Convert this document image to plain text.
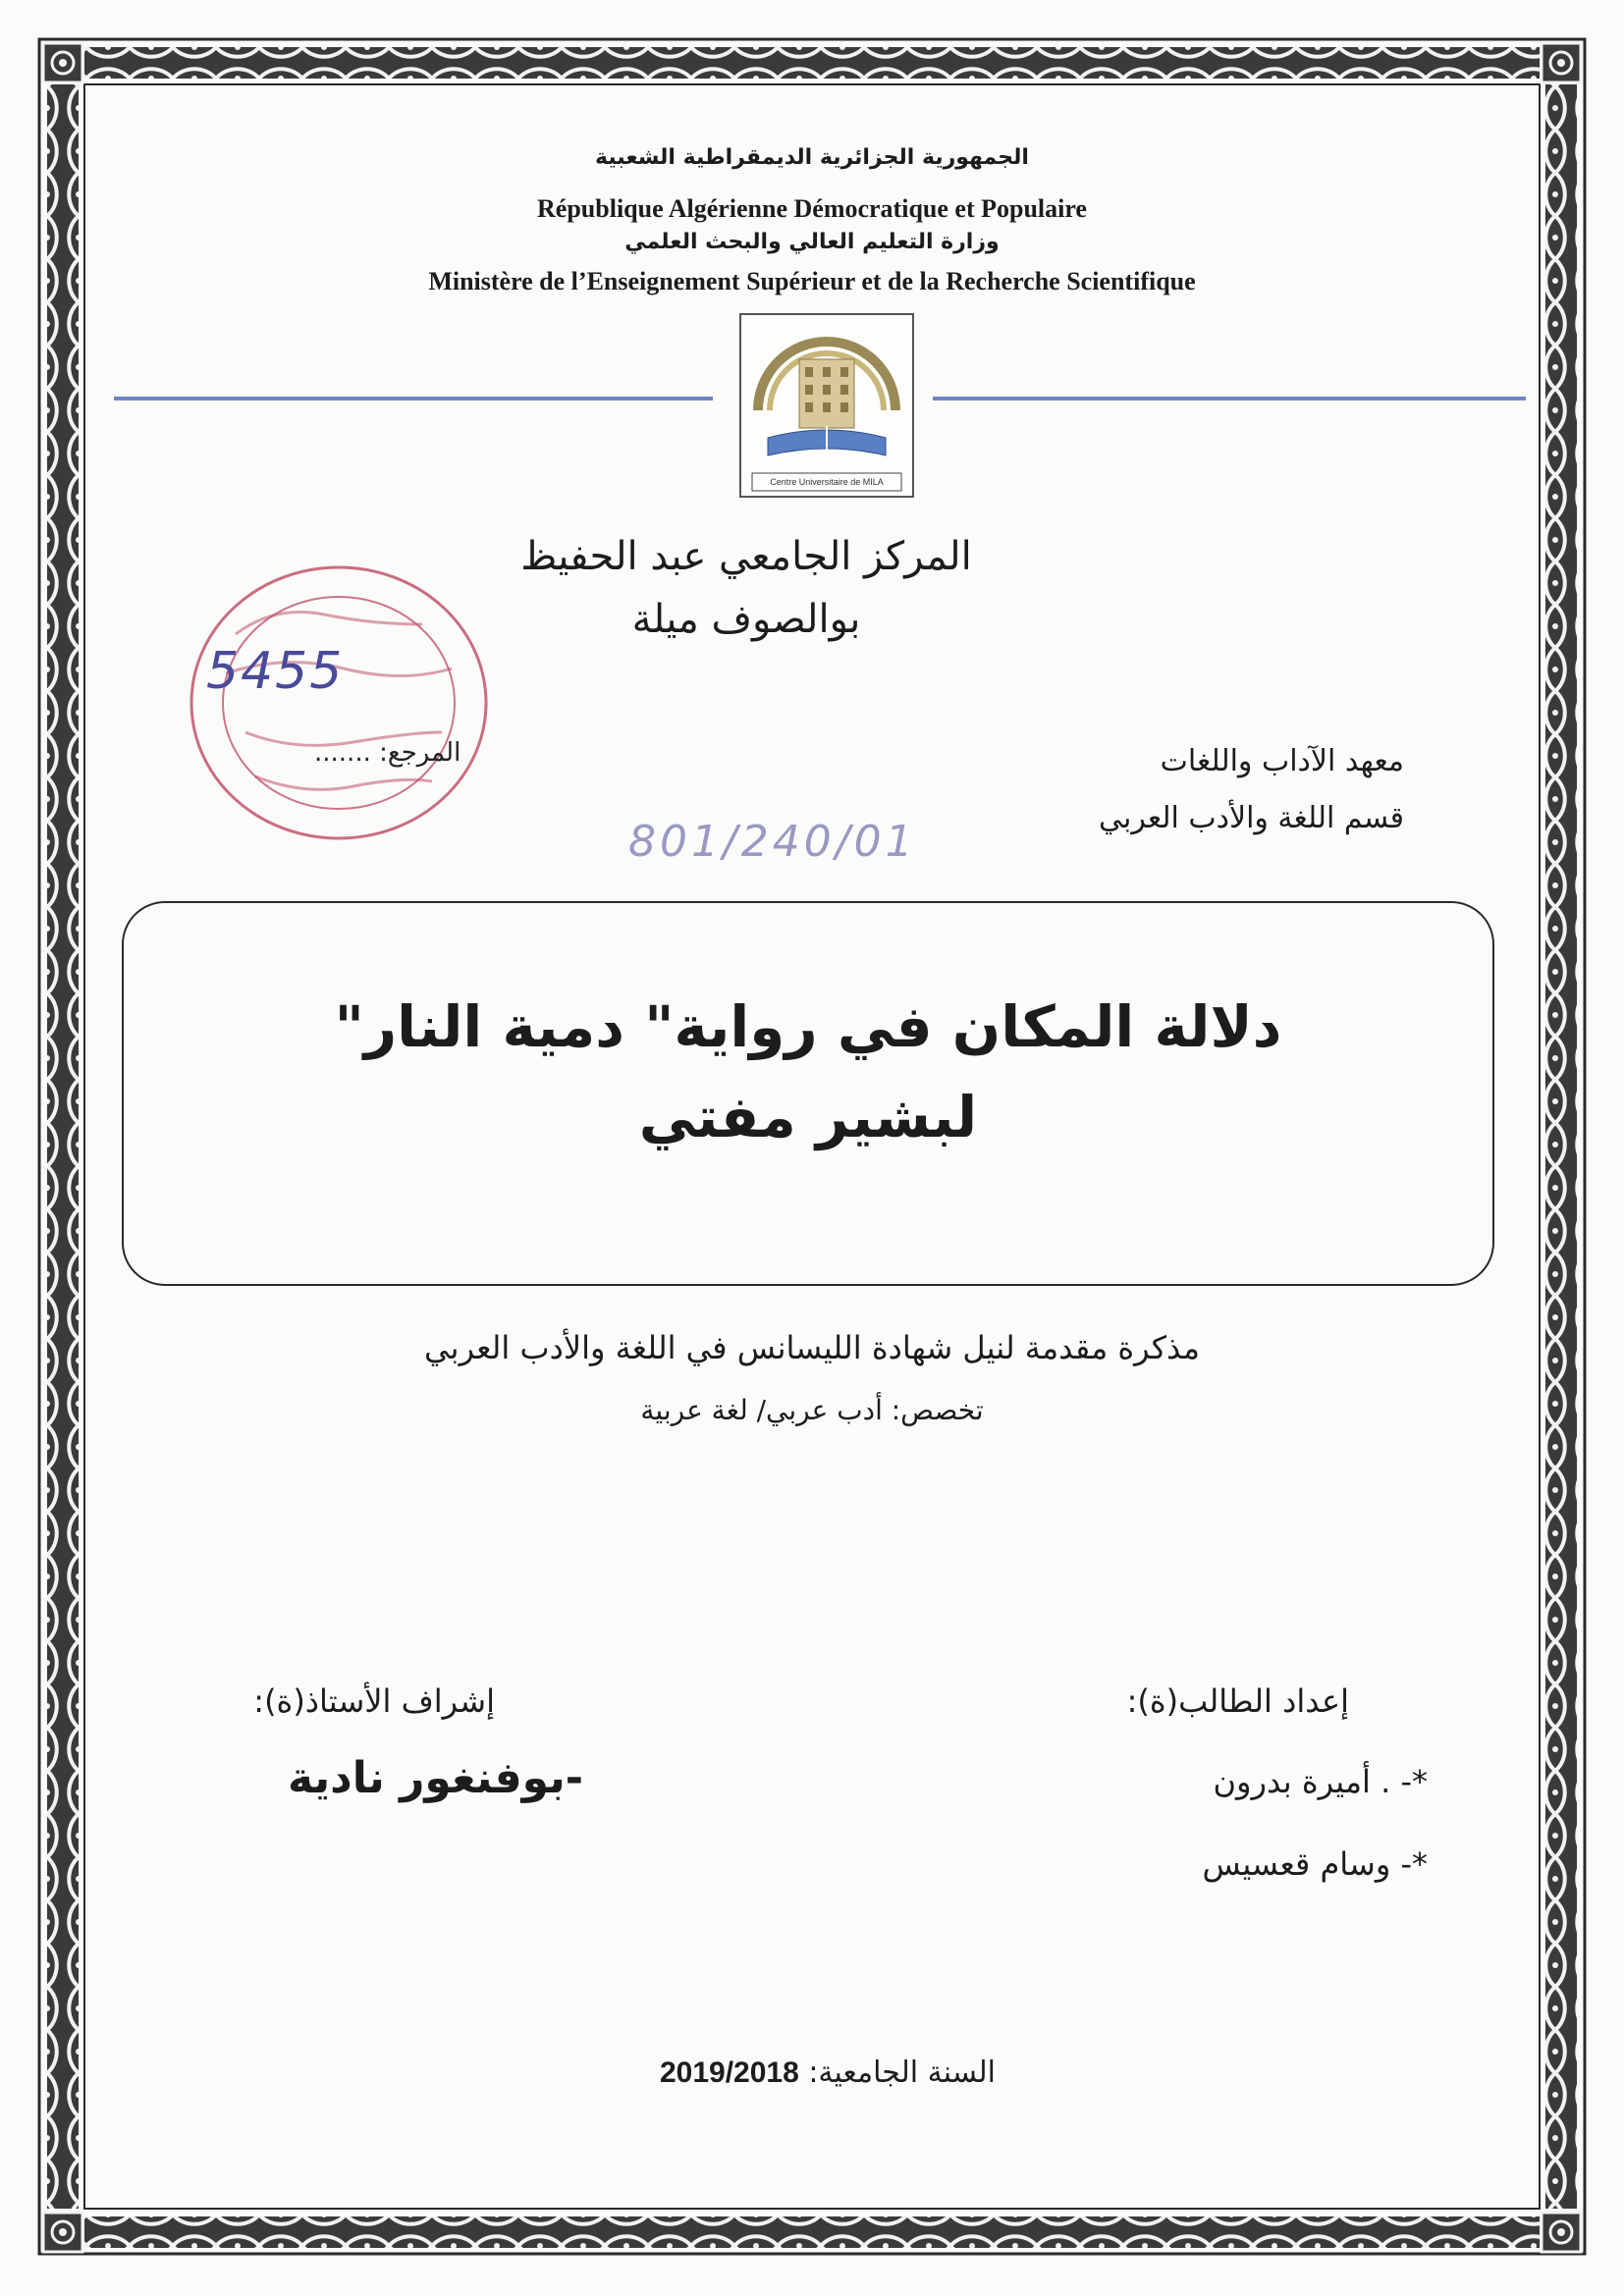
الجمهورية الجزائرية الديمقراطية الشعبية
République Algérienne Démocratique et Populaire
وزارة التعليم العالي والبحث العلمي
Ministère de l’Enseignement Supérieur et de la Recherche Scientifique
Centre Universitaire de MILA
المركز الجامعي عبد الحفيظ
بوالصوف ميلة
5455
المرجع: .......
801/240/01
معهد الآداب واللغات
قسم اللغة والأدب العربي
دلالة المكان في رواية" دمية النار"
لبشير مفتي
مذكرة مقدمة لنيل شهادة الليسانس في اللغة والأدب العربي
تخصص: أدب عربي/ لغة عربية
إعداد الطالب(ة):
*- . أميرة بدرون
*- وسام قعسيس
إشراف الأستاذ(ة):
-بوفنغور نادية
السنة الجامعية: 2019/2018
